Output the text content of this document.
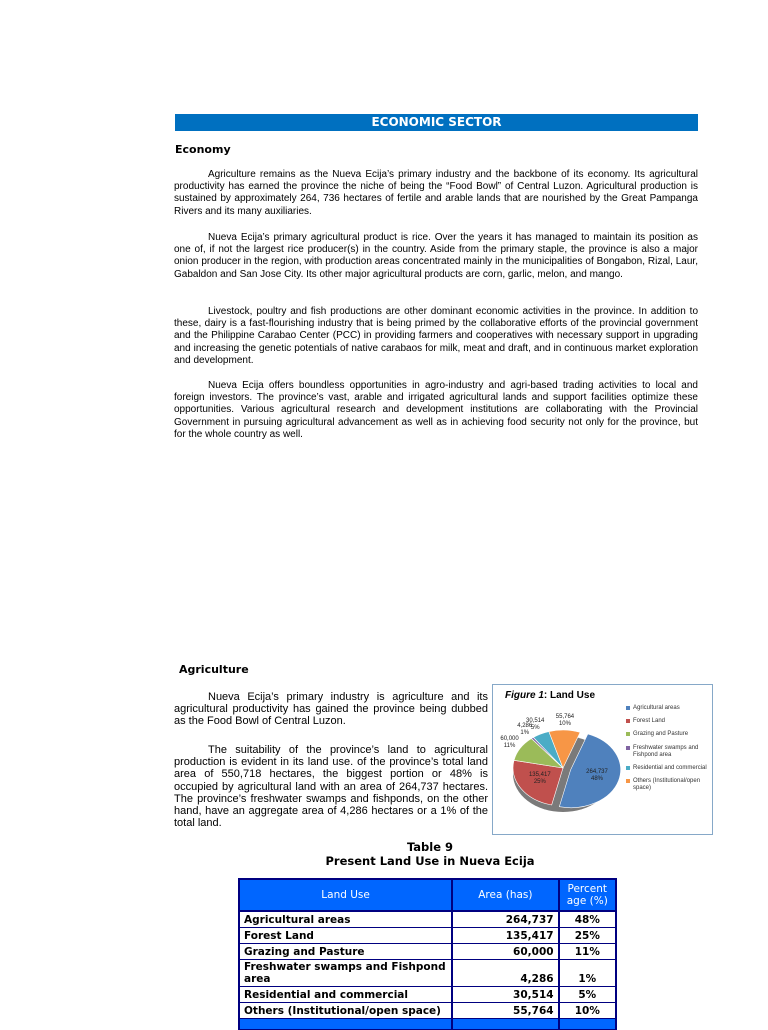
ECONOMIC SECTOR
Economy

Agriculture remains as the Nueva Ecija’s primary industry and the backbone of its economy. Its agricultural productivity has earned the province the niche of being the “Food Bowl” of Central Luzon. Agricultural production is sustained by approximately 264, 736 hectares of fertile and arable lands that are nourished by the Great Pampanga Rivers and its many auxiliaries.

Nueva Ecija’s primary agricultural product is rice. Over the years it has managed to maintain its position as one of, if not the largest rice producer(s) in the country. Aside from the primary staple, the province is also a major onion producer in the region, with production areas concentrated mainly in the municipalities of Bongabon, Rizal, Laur, Gabaldon and San Jose City. Its other major agricultural products are corn, garlic, melon, and mango.

Livestock, poultry and fish productions are other dominant economic activities in the province. In addition to these, dairy is a fast-flourishing industry that is being primed by the collaborative efforts of the provincial government and the Philippine Carabao Center (PCC) in providing farmers and cooperatives with necessary support in upgrading and increasing the genetic potentials of native carabaos for milk, meat and draft, and in continuous market exploration and development.

Nueva Ecija offers boundless opportunities in agro-industry and agri-based trading activities to local and foreign investors. The province’s vast, arable and irrigated agricultural lands and support facilities optimize these opportunities. Various agricultural research and development institutions are collaborating with the Provincial Government in pursuing agricultural advancement as well as in achieving food security not only for the province, but for the whole country as well.

Agriculture

Nueva Ecija’s primary industry is agriculture and its agricultural productivity has gained the province being dubbed as the Food Bowl of Central Luzon.

The suitability of the province’s land to agricultural production is evident in its land use. of the province’s total land area of 550,718 hectares, the biggest portion or 48% is occupied by agricultural land with an area of 264,737 hectares. The province’s freshwater swamps and fishponds, on the other hand, have an aggregate area of 4,286 hectares or a 1% of the total land.

Figure 1: Land Use
264,737
48%
135,417
25%
60,000
11%
4,286
1%
30,514
5%
55,764
10%
Agricultural areas
Forest Land
Grazing and Pasture
Freshwater swamps and Fishpond area
Residential and commercial
Others (Institutional/open space)
Table 9
Present Land Use in Nueva Ecija
Land Use	Area (has)	Percent age (%)
Agricultural areas	264,737	48%
Forest Land	135,417	25%
Grazing and Pasture	60,000	11%
Freshwater swamps and Fishpond area	4,286	1%
Residential and commercial	30,514	5%
Others (Institutional/open space)	55,764	10%
